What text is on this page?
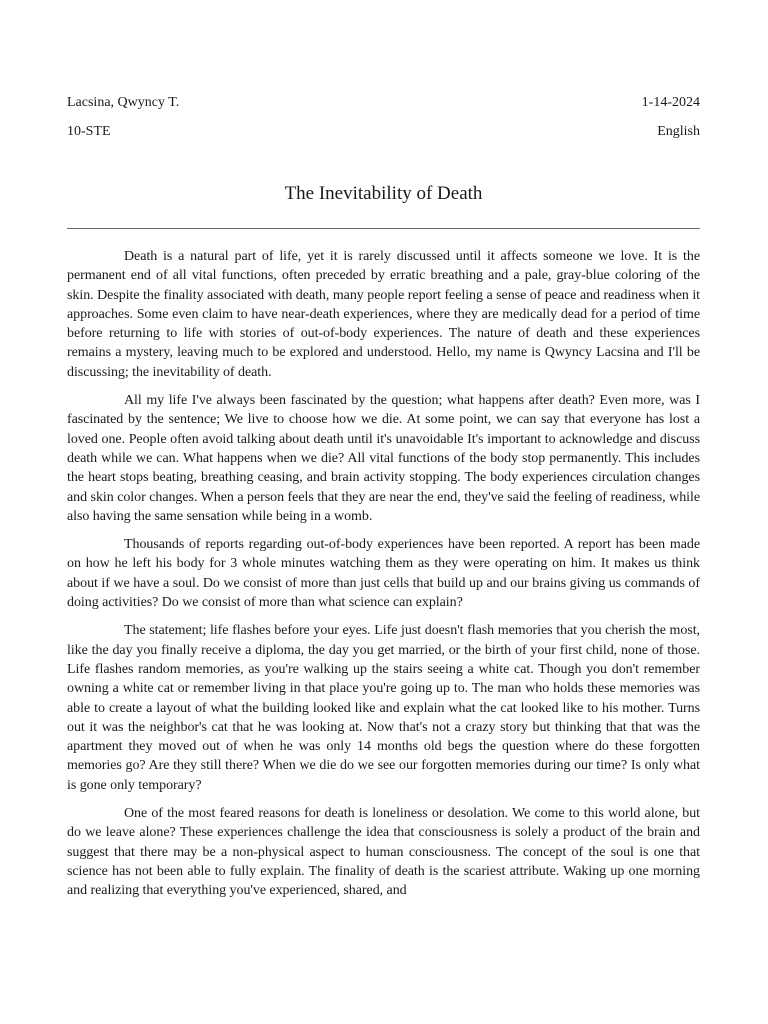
Lacsina, Qwyncy T.	1-14-2024
10-STE	English
The Inevitability of Death

Death is a natural part of life, yet it is rarely discussed until it affects someone we love. It is the permanent end of all vital functions, often preceded by erratic breathing and a pale, gray-blue coloring of the skin. Despite the finality associated with death, many people report feeling a sense of peace and readiness when it approaches. Some even claim to have near-death experiences, where they are medically dead for a period of time before returning to life with stories of out-of-body experiences. The nature of death and these experiences remains a mystery, leaving much to be explored and understood. Hello, my name is Qwyncy Lacsina and I'll be discussing; the inevitability of death.

All my life I've always been fascinated by the question; what happens after death? Even more, was I fascinated by the sentence; We live to choose how we die. At some point, we can say that everyone has lost a loved one. People often avoid talking about death until it's unavoidable It's important to acknowledge and discuss death while we can. What happens when we die? All vital functions of the body stop permanently. This includes the heart stops beating, breathing ceasing, and brain activity stopping. The body experiences circulation changes and skin color changes. When a person feels that they are near the end, they've said the feeling of readiness, while also having the same sensation while being in a womb.

Thousands of reports regarding out-of-body experiences have been reported. A report has been made on how he left his body for 3 whole minutes watching them as they were operating on him. It makes us think about if we have a soul. Do we consist of more than just cells that build up and our brains giving us commands of doing activities? Do we consist of more than what science can explain?

The statement; life flashes before your eyes. Life just doesn't flash memories that you cherish the most, like the day you finally receive a diploma, the day you get married, or the birth of your first child, none of those. Life flashes random memories, as you're walking up the stairs seeing a white cat. Though you don't remember owning a white cat or remember living in that place you're going up to. The man who holds these memories was able to create a layout of what the building looked like and explain what the cat looked like to his mother. Turns out it was the neighbor's cat that he was looking at. Now that's not a crazy story but thinking that that was the apartment they moved out of when he was only 14 months old begs the question where do these forgotten memories go? Are they still there? When we die do we see our forgotten memories during our time? Is only what is gone only temporary?

One of the most feared reasons for death is loneliness or desolation. We come to this world alone, but do we leave alone? These experiences challenge the idea that consciousness is solely a product of the brain and suggest that there may be a non-physical aspect to human consciousness. The concept of the soul is one that science has not been able to fully explain. The finality of death is the scariest attribute. Waking up one morning and realizing that everything you've experienced, shared, and
